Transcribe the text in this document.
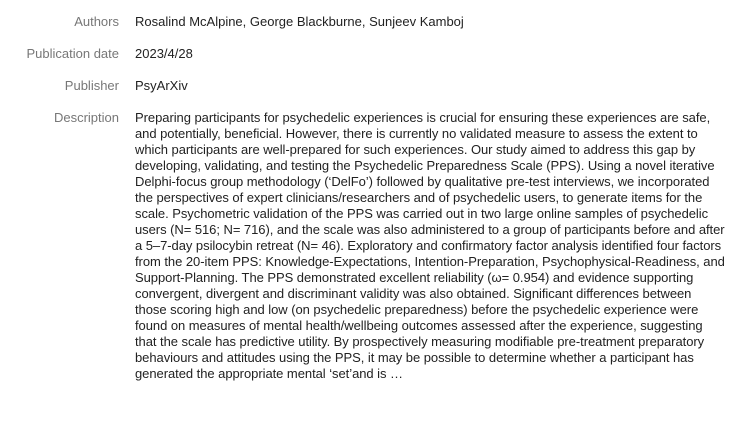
Authors Rosalind McAlpine, George Blackburne, Sunjeev Kamboj
Publication date 2023/4/28
Publisher PsyArXiv
Description Preparing participants for psychedelic experiences is crucial for ensuring these experiences are safe, and potentially, beneficial. However, there is currently no validated measure to assess the extent to which participants are well-prepared for such experiences. Our study aimed to address this gap by developing, validating, and testing the Psychedelic Preparedness Scale (PPS). Using a novel iterative Delphi-focus group methodology (‘DelFo’) followed by qualitative pre-test interviews, we incorporated the perspectives of expert clinicians/researchers and of psychedelic users, to generate items for the scale. Psychometric validation of the PPS was carried out in two large online samples of psychedelic users (N= 516; N= 716), and the scale was also administered to a group of participants before and after a 5–7-day psilocybin retreat (N= 46). Exploratory and confirmatory factor analysis identified four factors from the 20-item PPS: Knowledge-Expectations, Intention-Preparation, Psychophysical-Readiness, and Support-Planning. The PPS demonstrated excellent reliability (ω= 0.954) and evidence supporting convergent, divergent and discriminant validity was also obtained. Significant differences between those scoring high and low (on psychedelic preparedness) before the psychedelic experience were found on measures of mental health/wellbeing outcomes assessed after the experience, suggesting that the scale has predictive utility. By prospectively measuring modifiable pre-treatment preparatory behaviours and attitudes using the PPS, it may be possible to determine whether a participant has generated the appropriate mental ‘set’and is …
